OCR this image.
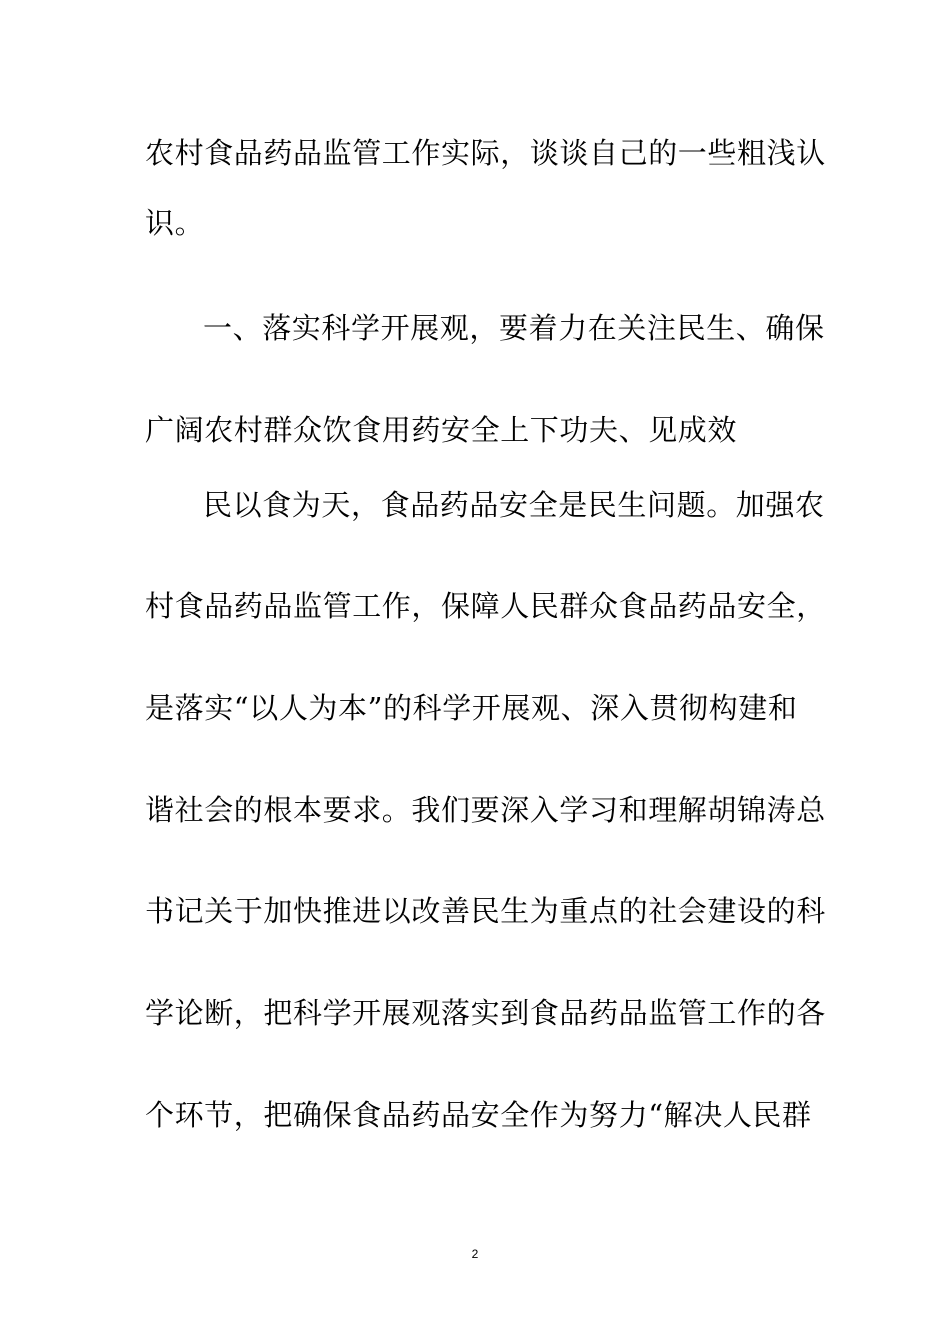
农村食品药品监管工作实际，谈谈自己的一些粗浅认
识。
一、落实科学开展观，要着力在关注民生、确保
广阔农村群众饮食用药安全上下功夫、见成效
民以食为天，食品药品安全是民生问题。加强农
村食品药品监管工作，保障人民群众食品药品安全，
是落实“以人为本”的科学开展观、深入贯彻构建和
谐社会的根本要求。我们要深入学习和理解胡锦涛总
书记关于加快推进以改善民生为重点的社会建设的科
学论断，把科学开展观落实到食品药品监管工作的各
个环节，把确保食品药品安全作为努力“解决人民群
2
